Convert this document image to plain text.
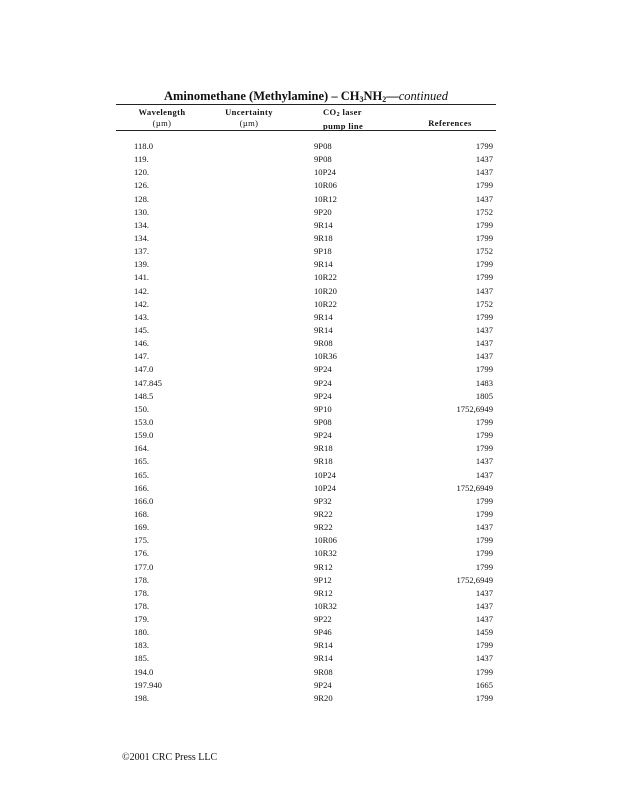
Aminomethane (Methylamine) – $CH_3NH_2—continued$
Wavelength
(µm)
Uncertainty
(µm)
$CO_2$ laser
pump line	References
118.0	9P08	1799
119.	9P08	1437
120.	10P24	1437
126.	10R06	1799
128.	10R12	1437
130.	9P20	1752
134.	9R14	1799
134.	9R18	1799
137.	9P18	1752
139.	9R14	1799
141.	10R22	1799
142.	10R20	1437
142.	10R22	1752
143.	9R14	1799
145.	9R14	1437
146.	9R08	1437
147.	10R36	1437
147.0	9P24	1799
147.845	9P24	1483
148.5	9P24	1805
150.	9P10	1752,6949
153.0	9P08	1799
159.0	9P24	1799
164.	9R18	1799
165.	9R18	1437
165.	10P24	1437
166.	10P24	1752,6949
166.0	9P32	1799
168.	9R22	1799
169.	9R22	1437
175.	10R06	1799
176.	10R32	1799
177.0	9R12	1799
178.	9P12	1752,6949
178.	9R12	1437
178.	10R32	1437
179.	9P22	1437
180.	9P46	1459
183.	9R14	1799
185.	9R14	1437
194.0	9R08	1799
197.940	9P24	1665
198.	9R20	1799
©2001 CRC Press LLC
